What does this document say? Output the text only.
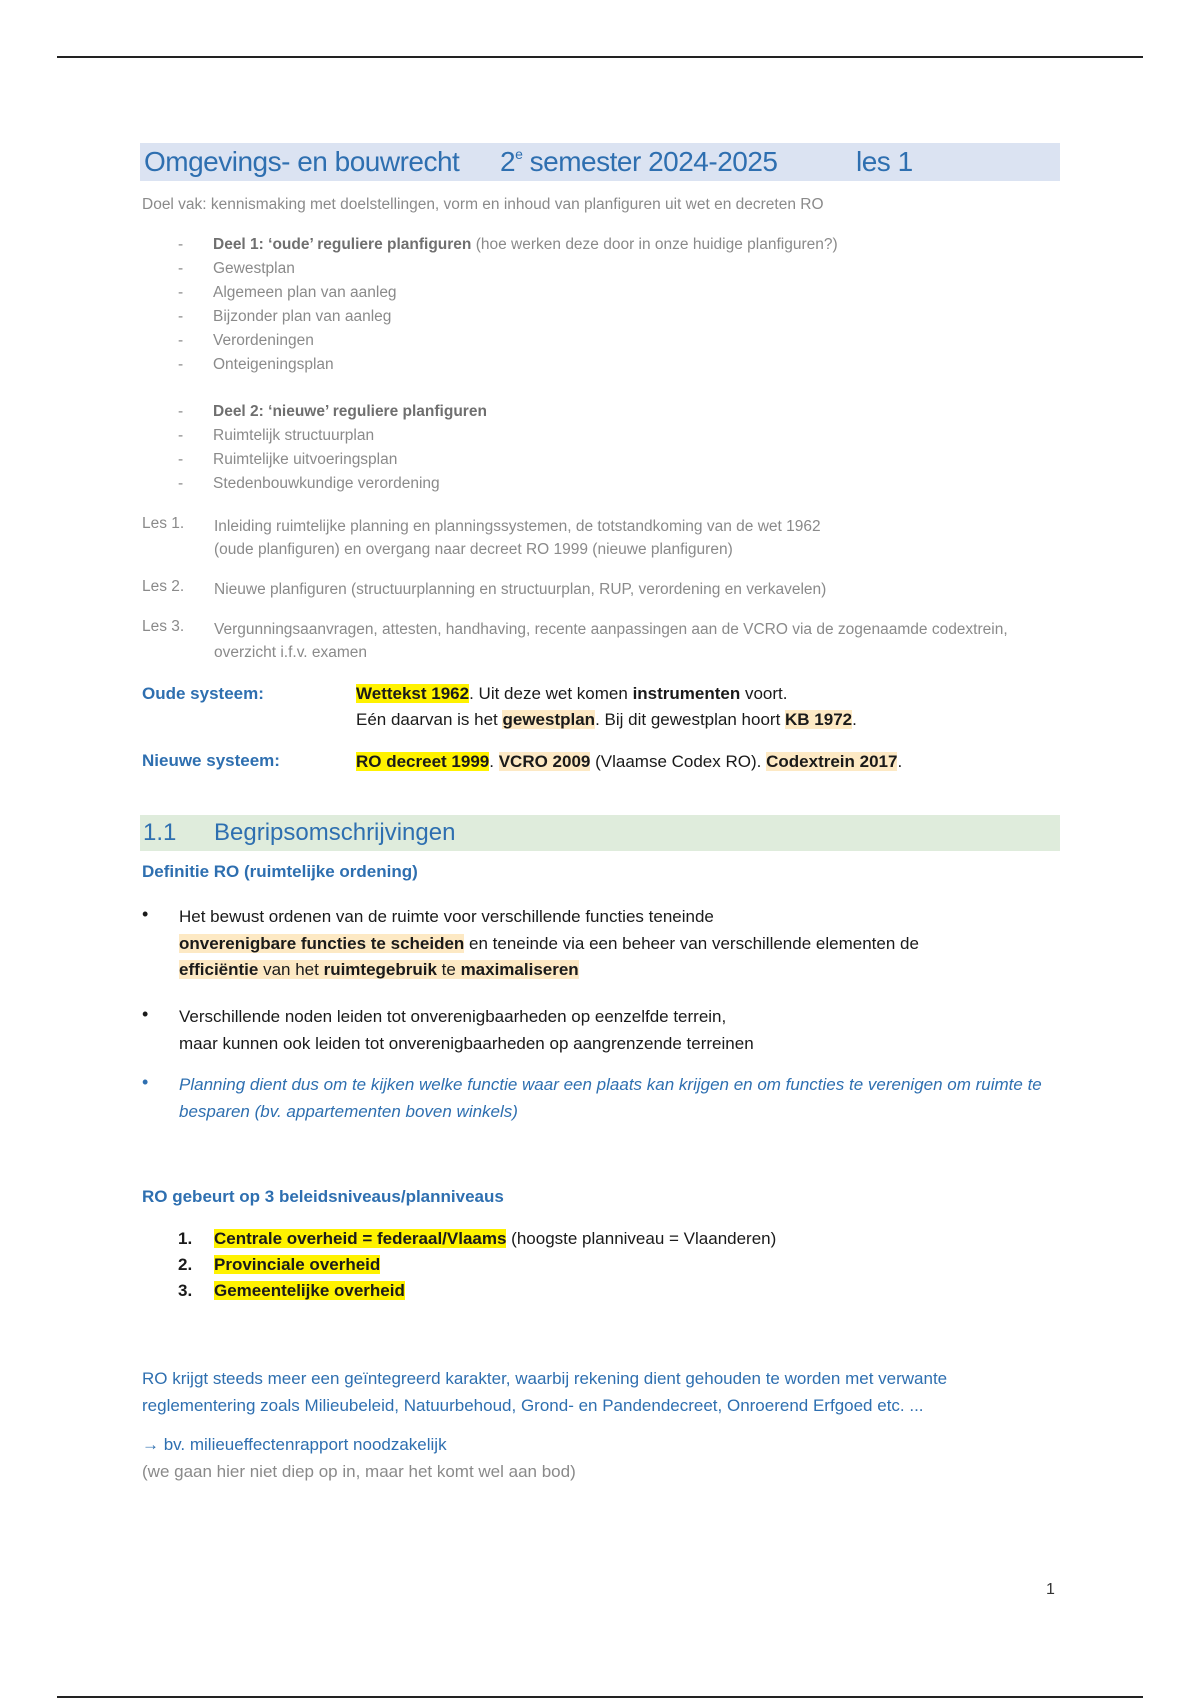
Omgevings- en bouwrecht 2e semester 2024-2025	les 1
Doel vak: kennismaking met doelstellingen, vorm en inhoud van planfiguren uit wet en decreten RO
- Deel 1: ‘oude’ reguliere planfiguren (hoe werken deze door in onze huidige planfiguren?)
- Gewestplan
- Algemeen plan van aanleg
- Bijzonder plan van aanleg
- Verordeningen
- Onteigeningsplan
- Deel 2: ‘nieuwe’ reguliere planfiguren
- Ruimtelijk structuurplan
- Ruimtelijke uitvoeringsplan
- Stedenbouwkundige verordening
Les 1. Inleiding ruimtelijke planning en planningssystemen, de totstandkoming van de wet 1962 (oude planfiguren) en overgang naar decreet RO 1999 (nieuwe planfiguren)
Les 2. Nieuwe planfiguren (structuurplanning en structuurplan, RUP, verordening en verkavelen)
Les 3. Vergunningsaanvragen, attesten, handhaving, recente aanpassingen aan de VCRO via de zogenaamde codextrein, overzicht i.f.v. examen
Oude systeem:	Wettekst 1962. Uit deze wet komen instrumenten voort.
Eén daarvan is het gewestplan. Bij dit gewestplan hoort KB 1972.
Nieuwe systeem:	RO decreet 1999. VCRO 2009 (Vlaamse Codex RO). Codextrein 2017.
1.1 Begripsomschrijvingen
Definitie RO (ruimtelijke ordening)
• Het bewust ordenen van de ruimte voor verschillende functies teneinde
onverenigbare functies te scheiden en teneinde via een beheer van verschillende elementen de
efficiëntie van het ruimtegebruik te maximaliseren
• Verschillende noden leiden tot onverenigbaarheden op eenzelfde terrein,
maar kunnen ook leiden tot onverenigbaarheden op aangrenzende terreinen
• Planning dient dus om te kijken welke functie waar een plaats kan krijgen en om functies te verenigen om ruimte te besparen (bv. appartementen boven winkels)
RO gebeurt op 3 beleidsniveaus/planniveaus
1. Centrale overheid = federaal/Vlaams (hoogste planniveau = Vlaanderen)
2. Provinciale overheid
3. Gemeentelijke overheid
RO krijgt steeds meer een geïntegreerd karakter, waarbij rekening dient gehouden te worden met verwante reglementering zoals Milieubeleid, Natuurbehoud, Grond- en Pandendecreet, Onroerend Erfgoed etc. ...
→ bv. milieueffectenrapport noodzakelijk
(we gaan hier niet diep op in, maar het komt wel aan bod)
1
